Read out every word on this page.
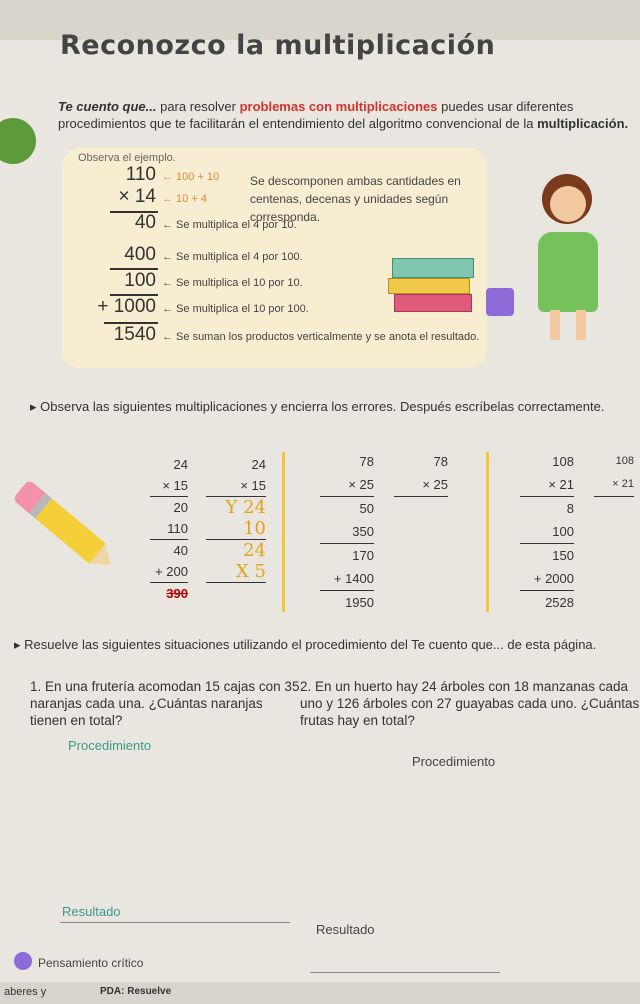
Reconozco la multiplicación
Te cuento que... para resolver problemas con multiplicaciones puedes usar diferentes procedimientos que te facilitarán el entendimiento del algoritmo convencional de la multiplicación.
Observa el ejemplo.
110 ← 100 + 10
× 14 ← 10 + 4
40 ← Se multiplica el 4 por 10.
400 ← Se multiplica el 4 por 100.
100 ← Se multiplica el 10 por 10.
+ 1000 ← Se multiplica el 10 por 100.
1540 ← Se suman los productos verticalmente y se anota el resultado.
Se descomponen ambas cantidades en centenas, decenas y unidades según corresponda.
▸ Observa las siguientes multiplicaciones y encierra los errores. Después escríbelas correctamente.
24
× 15
20
110
40
+ 200
390
24
× 15
Y 24
10
24
X 5
78
× 25
50
350
170
+ 1400
1950
78
× 25
108
× 21
8
100
150
+ 2000
2528
108
× 21
▸ Resuelve las siguientes situaciones utilizando el procedimiento del Te cuento que... de esta página.
1. En una frutería acomodan 15 cajas con 35 naranjas cada una. ¿Cuántas naranjas tienen en total?
Procedimiento
Resultado
2. En un huerto hay 24 árboles con 18 manzanas cada uno y 126 árboles con 27 guayabas cada uno. ¿Cuántas frutas hay en total?
Procedimiento
Resultado
Pensamiento crítico
aberes y	PDA: Resuelve
